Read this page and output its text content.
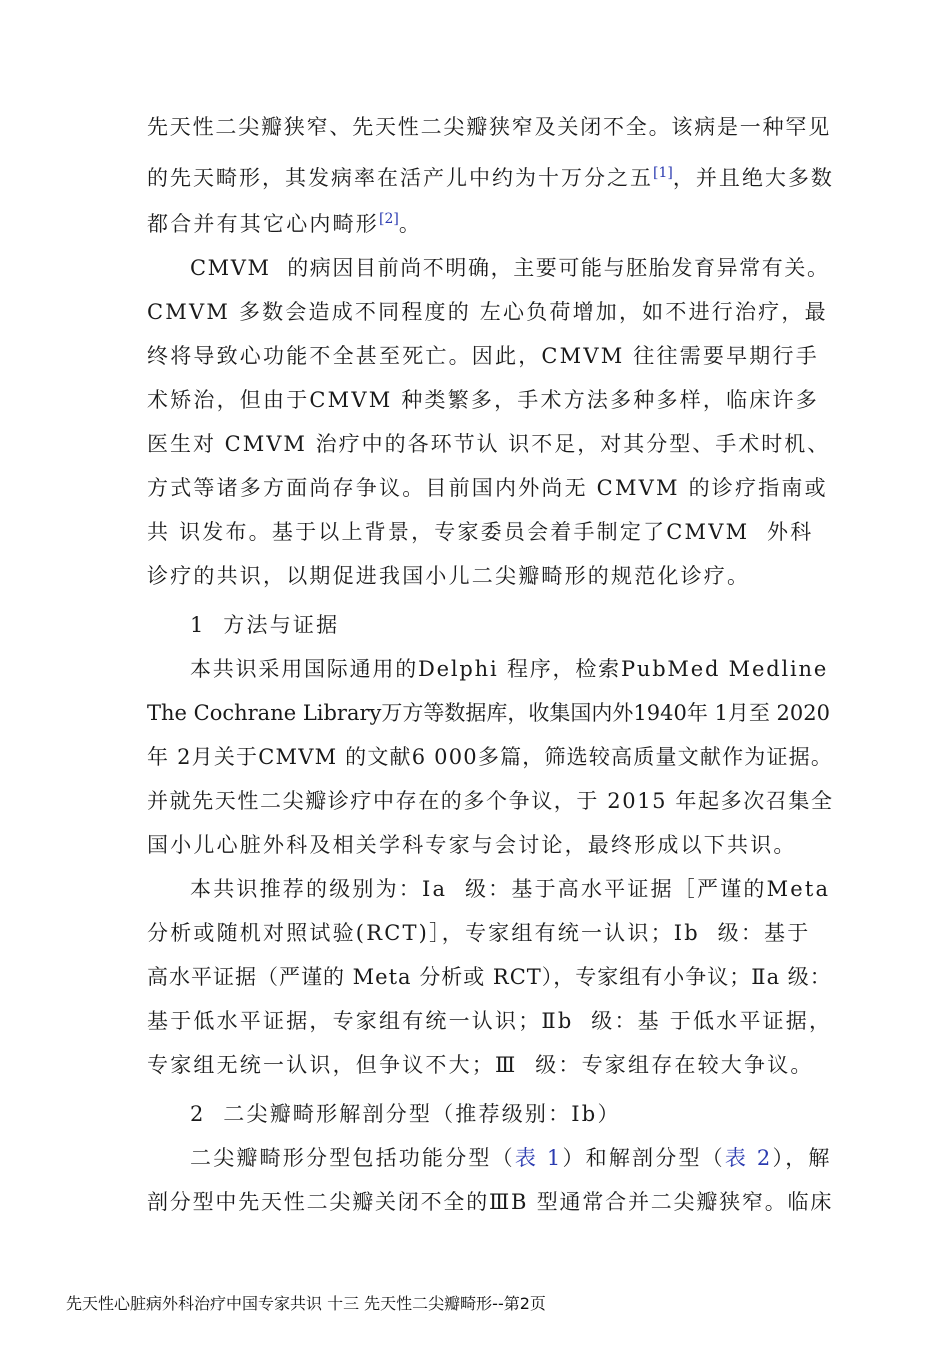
先天性二尖瓣狭窄、先天性二尖瓣狭窄及关闭不全。该病是一种罕见
的先天畸形，其发病率在活产儿中约为十万分之五[1]，并且绝大多数
都合并有其它心内畸形[2]。
CMVM  的病因目前尚不明确，主要可能与胚胎发育异常有关。
CMVM 多数会造成不同程度的 左心负荷增加，如不进行治疗，最
终将导致心功能不全甚至死亡。因此，CMVM 往往需要早期行手
术矫治，但由于CMVM 种类繁多，手术方法多种多样，临床许多
医生对 CMVM 治疗中的各环节认 识不足，对其分型、手术时机、
方式等诸多方面尚存争议。目前国内外尚无 CMVM 的诊疗指南或
共 识发布。基于以上背景，专家委员会着手制定了CMVM  外科
诊疗的共识，以期促进我国小儿二尖瓣畸形的规范化诊疗。
1  方法与证据
本共识采用国际通用的Delphi 程序，检索PubMed Medline
The Cochrane Library万方等数据库，收集国内外1940年 1月至 2020
年 2月关于CMVM 的文献6 000多篇，筛选较高质量文献作为证据。
并就先天性二尖瓣诊疗中存在的多个争议，于 2015 年起多次召集全
国小儿心脏外科及相关学科专家与会讨论，最终形成以下共识。
本共识推荐的级别为：Ⅰa  级：基于高水平证据［严谨的Meta
分析或随机对照试验(RCT)］，专家组有统一认识；Ⅰb  级：基于
高水平证据（严谨的 Meta 分析或 RCT），专家组有小争议；Ⅱa 级：
基于低水平证据，专家组有统一认识；Ⅱb  级：基 于低水平证据，
专家组无统一认识，但争议不大；Ⅲ  级：专家组存在较大争议。
2  二尖瓣畸形解剖分型（推荐级别：Ⅰb）
二尖瓣畸形分型包括功能分型（表 1）和解剖分型（表 2），解
剖分型中先天性二尖瓣关闭不全的ⅢB 型通常合并二尖瓣狭窄。临床
先天性心脏病外科治疗中国专家共识 十三 先天性二尖瓣畸形--第2页
